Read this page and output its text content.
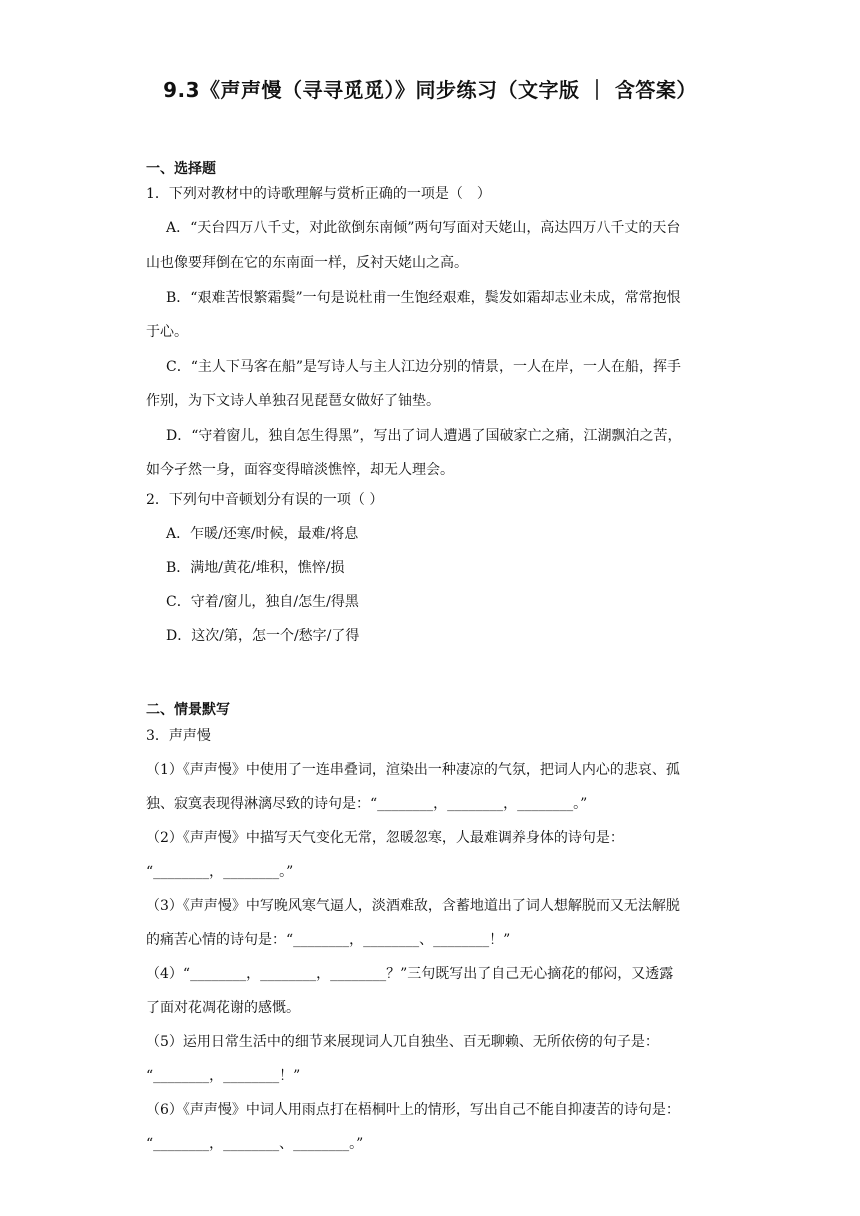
9.3《声声慢（寻寻觅觅）》同步练习（文字版 ｜ 含答案）
一、选择题
1．下列对教材中的诗歌理解与赏析正确的一项是（　）
A．“天台四万八千丈，对此欲倒东南倾”两句写面对天姥山，高达四万八千丈的天台
山也像要拜倒在它的东南面一样，反衬天姥山之高。
B．“艰难苦恨繁霜鬓”一句是说杜甫一生饱经艰难，鬓发如霜却志业未成，常常抱恨
于心。
C．“主人下马客在船”是写诗人与主人江边分别的情景，一人在岸，一人在船，挥手
作别，为下文诗人单独召见琵琶女做好了铀垫。
D．“守着窗儿，独自怎生得黑”，写出了词人遭遇了国破家亡之痛，江湖飘泊之苦，
如今孑然一身，面容变得暗淡憔悴，却无人理会。
2．下列句中音顿划分有误的一项（ ）
A．乍暖/还寒/时候，最难/将息
B．满地/黄花/堆积，憔悴/损
C．守着/窗儿，独自/怎生/得黑
D．这次/第，怎一个/愁字/了得
二、情景默写
3．声声慢
（1）《声声慢》中使用了一连串叠词，渲染出一种凄凉的气氛，把词人内心的悲哀、孤
独、寂寞表现得淋漓尽致的诗句是：“________，________，________。”
（2）《声声慢》中描写天气变化无常，忽暖忽寒，人最难调养身体的诗句是：
“________，________。”
（3）《声声慢》中写晚风寒气逼人，淡酒难敌，含蓄地道出了词人想解脱而又无法解脱
的痛苦心情的诗句是：“________，________、________！”
（4）“________，________，________？”三句既写出了自己无心摘花的郁闷，又透露
了面对花凋花谢的感慨。
（5）运用日常生活中的细节来展现词人兀自独坐、百无聊赖、无所依傍的句子是：
“________，________！”
（6）《声声慢》中词人用雨点打在梧桐叶上的情形，写出自己不能自抑凄苦的诗句是：
“________，________、________。”
